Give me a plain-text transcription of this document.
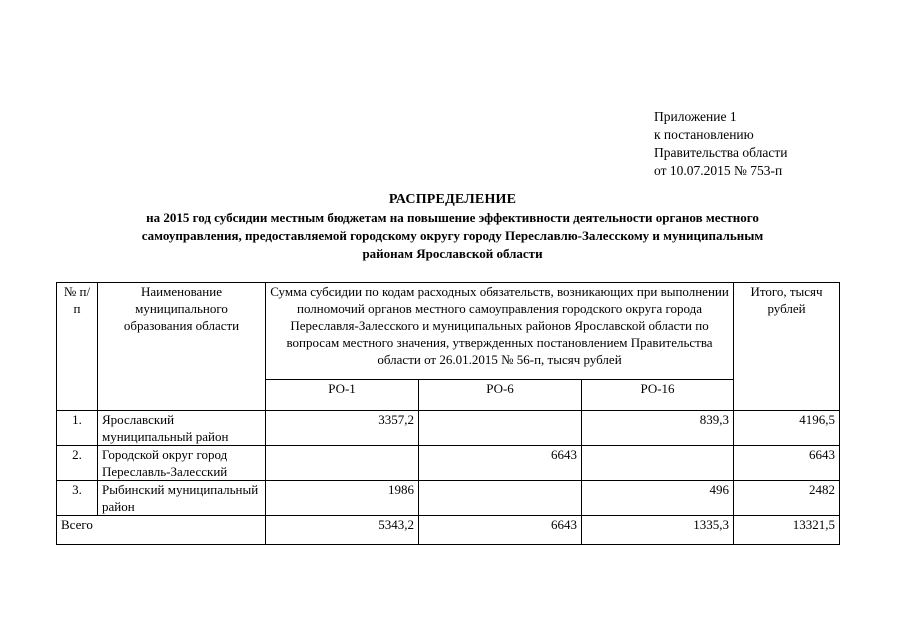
Приложение 1
к постановлению
Правительства области
от 10.07.2015 № 753-п
РАСПРЕДЕЛЕНИЕ
на 2015 год субсидии местным бюджетам на повышение эффективности деятельности органов местного
самоуправления, предоставляемой городскому округу городу Переславлю-Залесскому и муниципальным
районам Ярославской области
№ п/п	Наименование муниципального образования области	Сумма субсидии по кодам расходных обязательств, возникающих при выполнении полномочий органов местного самоуправления городского округа города Переславля-Залесского и муниципальных районов Ярославской области по вопросам местного значения, утвержденных постановлением Правительства области от 26.01.2015 № 56-п, тысяч рублей			Итого, тысяч рублей
		РО-1	РО-6	РО-16	
1.	Ярославский муниципальный район	3357,2		839,3	4196,5
2.	Городской округ город Переславль-Залесский		6643		6643
3.	Рыбинский муниципальный район	1986		496	2482
Всего		5343,2	6643	1335,3	13321,5
